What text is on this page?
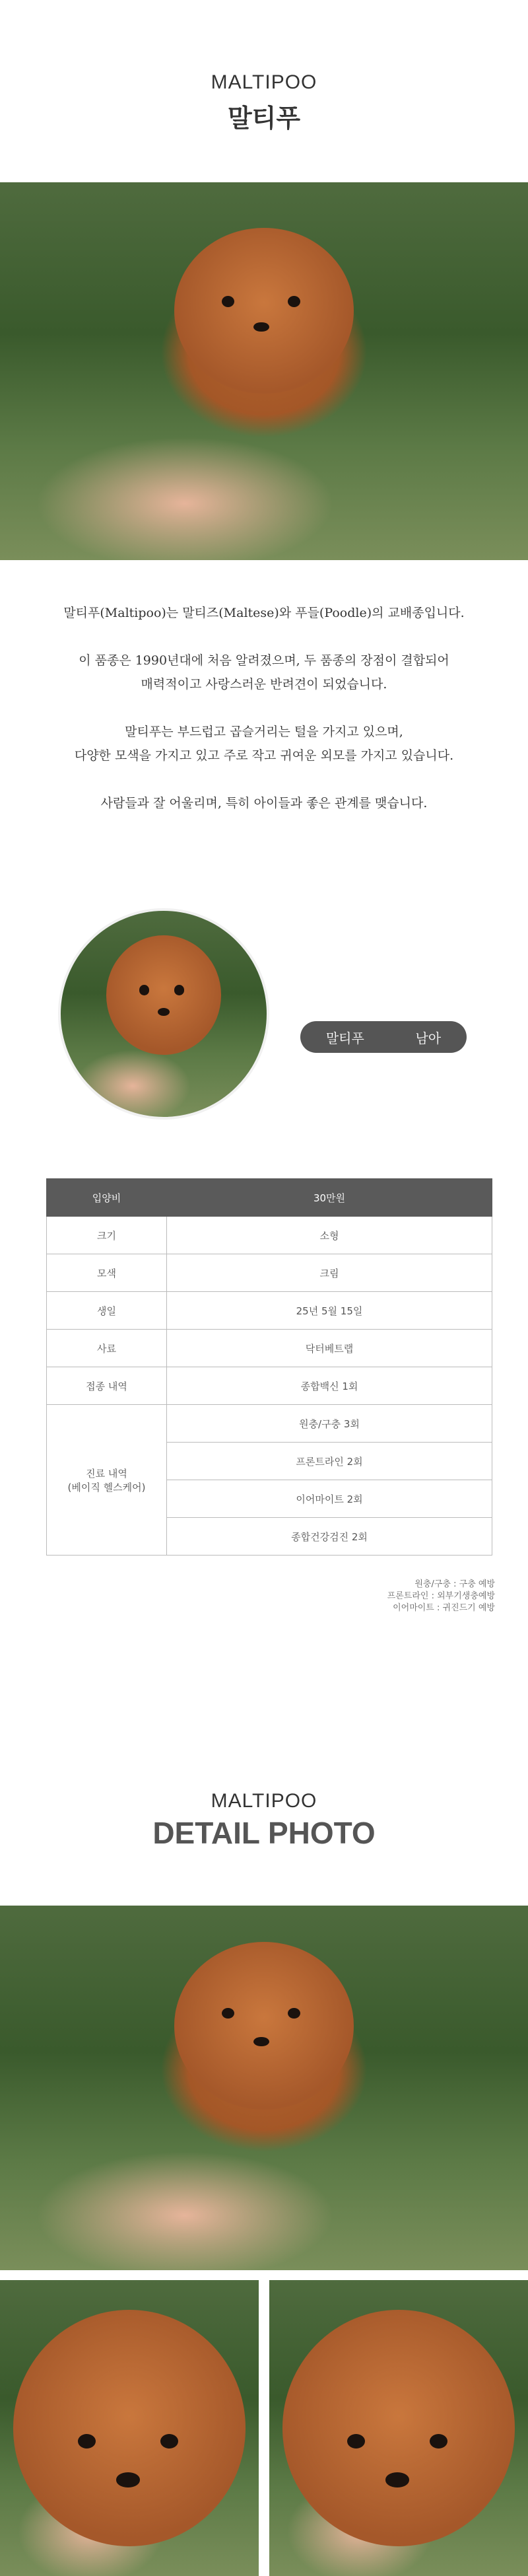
MALTIPOO
말티푸

말티푸(Maltipoo)는 말티즈(Maltese)와 푸들(Poodle)의 교배종입니다.

이 품종은 1990년대에 처음 알려졌으며, 두 품종의 장점이 결합되어
매력적이고 사랑스러운 반려견이 되었습니다.

말티푸는 부드럽고 곱슬거리는 털을 가지고 있으며,
다양한 모색을 가지고 있고 주로 작고 귀여운 외모를 가지고 있습니다.

사람들과 잘 어울리며, 특히 아이들과 좋은 관계를 맺습니다.

말티푸	남아
입양비	30만원
크기	소형
모색	크림
생일	25년 5월 15일
사료	닥터베트랩
접종 내역	종합백신 1회
진료 내역
(베이직 헬스케어)	원충/구충 3회
	프론트라인 2회
	이어마이트 2회
	종합건강검진 2회
원충/구충 : 구충 예방
프론트라인 : 외부기생충예방
이어마이트 : 귀진드기 예방
MALTIPOO
DETAIL PHOTO
